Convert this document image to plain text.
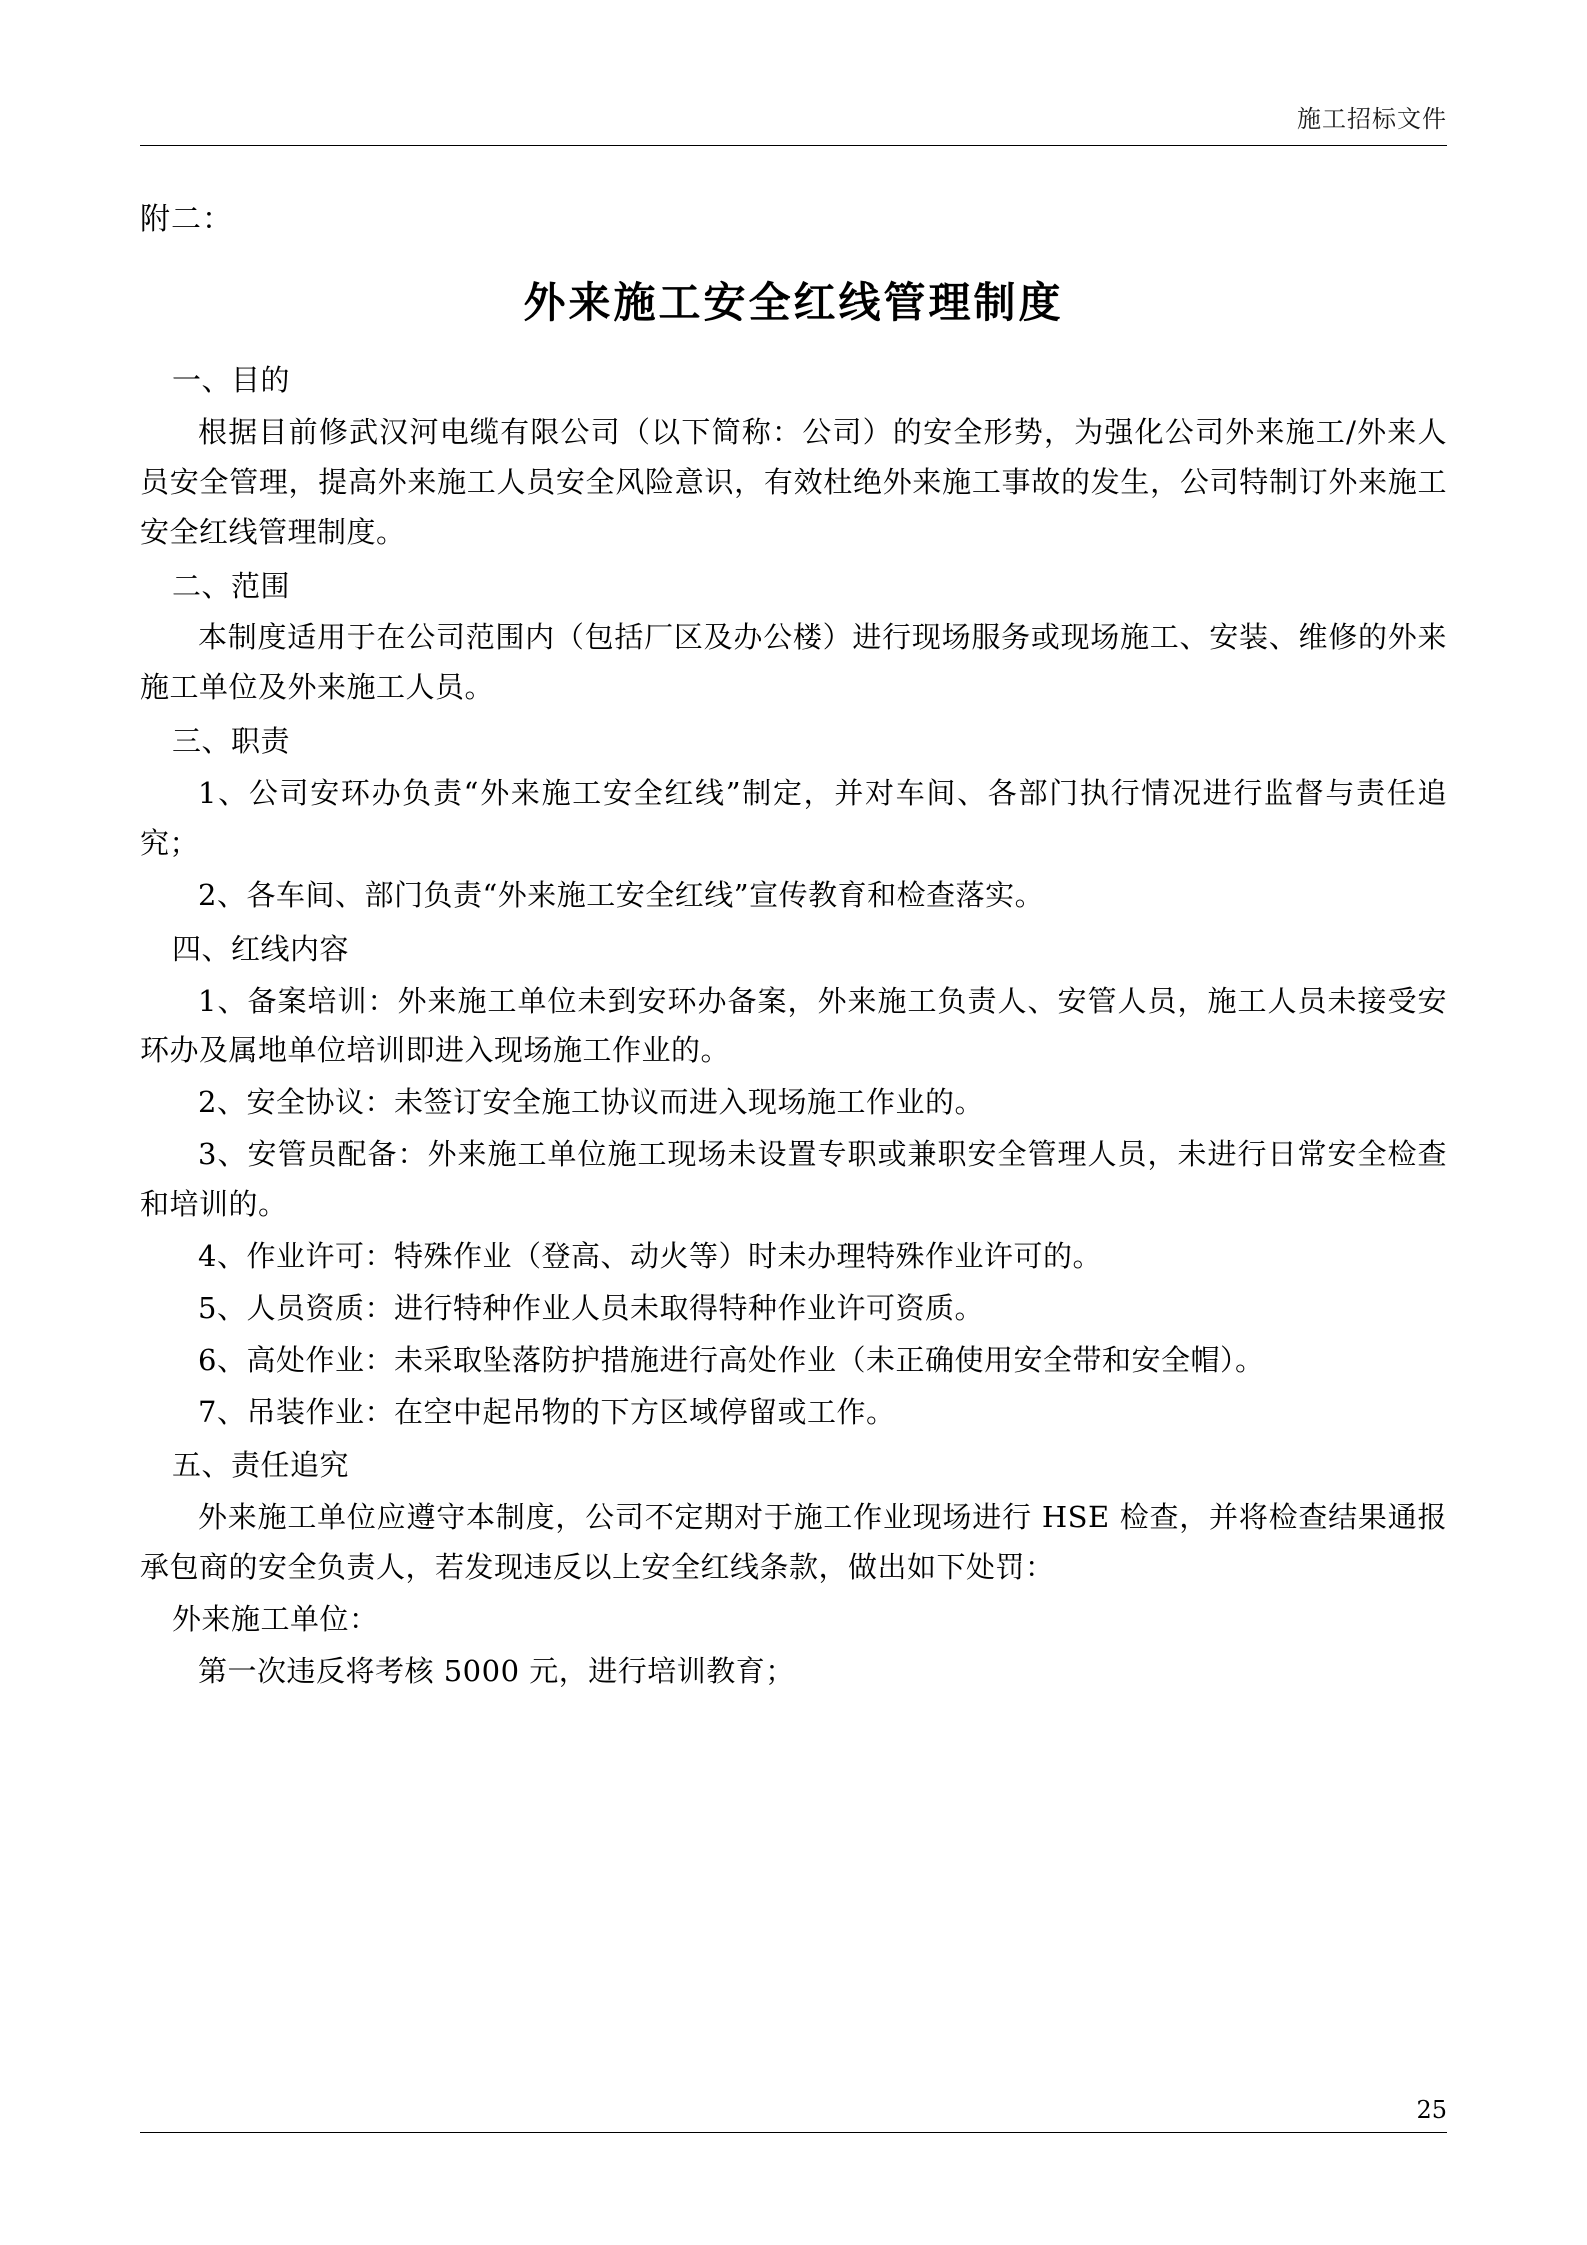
施工招标文件
附二：
外来施工安全红线管理制度
一、目的
根据目前修武汉河电缆有限公司（以下简称：公司）的安全形势，为强化公司外来施工/外来人员安全管理，提高外来施工人员安全风险意识，有效杜绝外来施工事故的发生，公司特制订外来施工安全红线管理制度。
二、范围
本制度适用于在公司范围内（包括厂区及办公楼）进行现场服务或现场施工、安装、维修的外来施工单位及外来施工人员。
三、职责
1、公司安环办负责“外来施工安全红线”制定，并对车间、各部门执行情况进行监督与责任追究；
2、各车间、部门负责“外来施工安全红线”宣传教育和检查落实。
四、红线内容
1、备案培训：外来施工单位未到安环办备案，外来施工负责人、安管人员，施工人员未接受安环办及属地单位培训即进入现场施工作业的。
2、安全协议：未签订安全施工协议而进入现场施工作业的。
3、安管员配备：外来施工单位施工现场未设置专职或兼职安全管理人员，未进行日常安全检查和培训的。
4、作业许可：特殊作业（登高、动火等）时未办理特殊作业许可的。
5、人员资质：进行特种作业人员未取得特种作业许可资质。
6、高处作业：未采取坠落防护措施进行高处作业（未正确使用安全带和安全帽）。
7、吊装作业：在空中起吊物的下方区域停留或工作。
五、责任追究
外来施工单位应遵守本制度，公司不定期对于施工作业现场进行 HSE 检查，并将检查结果通报承包商的安全负责人，若发现违反以上安全红线条款，做出如下处罚：
外来施工单位：
第一次违反将考核 5000 元，进行培训教育；
25
